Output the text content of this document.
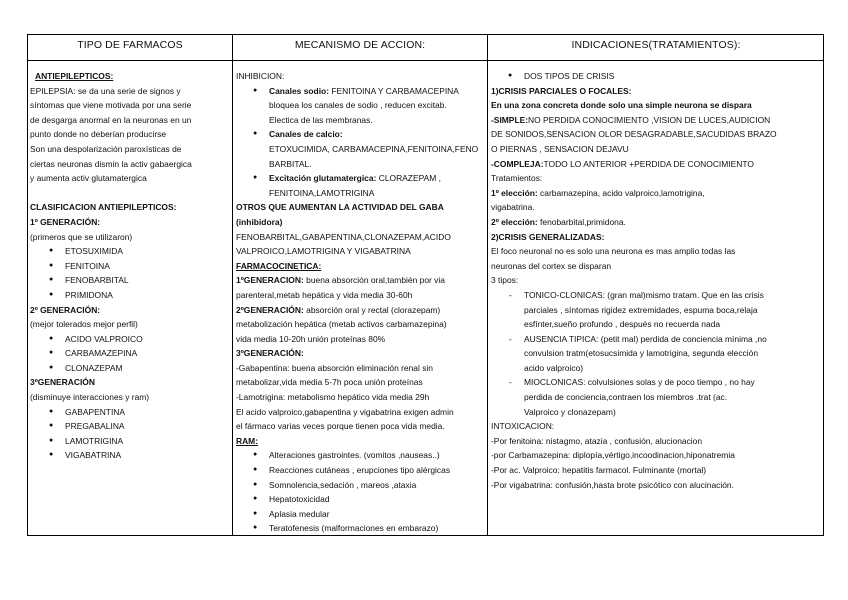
TIPO DE FARMACOS	MECANISMO DE ACCION:	INDICACIONES(TRATAMIENTOS):

ANTIEPILEPTICOS:

EPILEPSIA: se da una serie de signos y

síntomas que viene motivada por una serie

de desgarga anormal en la neuronas en un

punto donde no deberían producirse

Son una despolarización paroxísticas de

ciertas neuronas dismin la activ gabaergica

y aumenta activ glutamatergica

CLASIFICACION ANTIEPILEPTICOS:

1º GENERACIÓN:

(primeros que se utilizaron)

● ETOSUXIMIDA
● FENITOINA
● FENOBARBITAL
● PRIMIDONA

2º GENERACIÓN:

(mejor tolerados mejor perfil)

● ACIDO VALPROICO
● CARBAMAZEPINA
● CLONAZEPAM

3ºGENERACIÓN

(disminuye interacciones y ram)

● GABAPENTINA
● PREGABALINA
● LAMOTRIGINA
● VIGABATRINA

INHIBICION:

● Canales sodio: FENITOINA Y CARBAMACEPINA
bloquea los canales de sodio , reducen excitab.
Electica de las membranas.
● Canales de calcio:

ETOXUCIMIDA, CARBAMACEPINA,FENITOINA,FENO

BARBITAL.

● Excitación glutamatergica: CLORAZEPAM ,

FENITOINA,LAMOTRIGINA

OTROS QUE AUMENTAN LA ACTIVIDAD DEL GABA

(inhibidora)

FENOBARBITAL,GABAPENTINA,CLONAZEPAM,ACIDO

VALPROICO,LAMOTRIGINA Y VIGABATRINA

FARMACOCINETICA:

1ºGENERACION: buena absorción oral,también por via

parenteral,metab hepática y vida media 30-60h

2ºGENERACIÓN: absorción oral y rectal (clorazepam)

metabolización hepática (metab activos carbamazepina)

vida media 10-20h unión proteínas 80%

3ºGENERACIÓN:

-Gabapentina: buena absorción eliminación renal sin

metabolizar,vida media 5-7h poca unión proteínas

-Lamotrigina: metabolismo hepático vida media 29h

El acido valproico,gabapentina y vigabatrina exigen admin

el fármaco varias veces porque tienen poca vida media.

RAM:

● Alteraciones gastrointes. (vomitos ,nauseas..)
● Reacciones cutáneas , erupciones tipo alérgicas
● Somnolencia,sedación , mareos ,ataxia
● Hepatotoxicidad
● Aplasia medular
● Teratofenesis (malformaciones en embarazo)
● DOS TIPOS DE CRISIS

1)CRISIS PARCIALES O FOCALES:

En una zona concreta donde solo una simple neurona se dispara

-SIMPLE:NO PERDIDA CONOCIMIENTO ,VISION DE LUCES,AUDICION

DE SONIDOS,SENSACION OLOR DESAGRADABLE,SACUDIDAS BRAZO

O PIERNAS , SENSACION DEJAVU

-COMPLEJA:TODO LO ANTERIOR +PERDIDA DE CONOCIMIENTO

Tratamientos:

1º elección: carbamazepina, acido valproico,lamotrigina,

vigabatrina.

2º elección: fenobarbital,primidona.

2)CRISIS GENERALIZADAS:

El foco neuronal no es solo una neurona es mas amplio todas las

neuronas del cortex se disparan

3 tipos:

- TONICO-CLONICAS: (gran mal)mismo tratam. Que en las crisis

parciales , síntomas rigidez extremidades, espuma boca,relaja

esfínter,sueño profundo , después no recuerda nada

- AUSENCIA TIPICA: (petit mal) perdida de conciencia mínima ,no

convulsion tratm(etosucsimida y lamotrigina, segunda elección

acido valproico)

- MIOCLONICAS: colvulsiones solas y de poco tiempo , no hay

perdida de conciencia,contraen los miembros .trat (ac.

Valproico y clonazepam)

INTOXICACION:

-Por fenitoina: nistagmo, atazia , confusión, alucionacion

-por Carbamazepina: diplopía,vértigo,incoodinacion,hiponatremia

-Por ac. Valproico: hepatitis farmacol. Fulminante (mortal)

-Por vigabatrina: confusión,hasta brote psicótico con alucinación.
